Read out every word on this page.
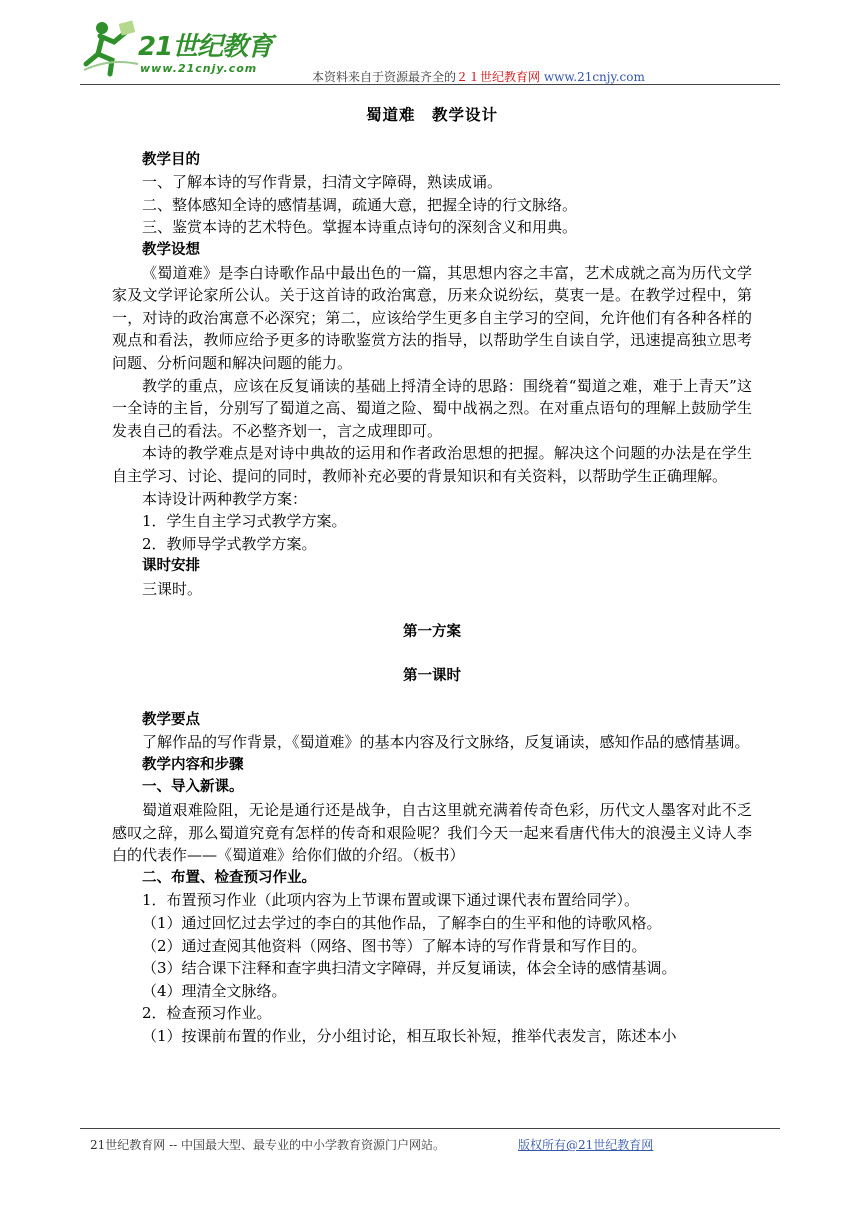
21世纪教育
www.21cnjy.com
本资料来自于资源最齐全的２１世纪教育网 www.21cnjy.com
蜀道难　教学设计
教学目的
一、了解本诗的写作背景，扫清文字障碍，熟读成诵。
二、整体感知全诗的感情基调，疏通大意，把握全诗的行文脉络。
三、鉴赏本诗的艺术特色。掌握本诗重点诗句的深刻含义和用典。
教学设想
《蜀道难》是李白诗歌作品中最出色的一篇，其思想内容之丰富，艺术成就之高为历代文学家及文学评论家所公认。关于这首诗的政治寓意，历来众说纷纭，莫衷一是。在教学过程中，第一，对诗的政治寓意不必深究；第二，应该给学生更多自主学习的空间，允许他们有各种各样的观点和看法，教师应给予更多的诗歌鉴赏方法的指导，以帮助学生自读自学，迅速提高独立思考问题、分析问题和解决问题的能力。
教学的重点，应该在反复诵读的基础上捋清全诗的思路：围绕着“蜀道之难，难于上青天”这一全诗的主旨，分别写了蜀道之高、蜀道之险、蜀中战祸之烈。在对重点语句的理解上鼓励学生发表自己的看法。不必整齐划一，言之成理即可。
本诗的教学难点是对诗中典故的运用和作者政治思想的把握。解决这个问题的办法是在学生自主学习、讨论、提问的同时，教师补充必要的背景知识和有关资料，以帮助学生正确理解。
本诗设计两种教学方案：
1．学生自主学习式教学方案。
2．教师导学式教学方案。
课时安排
三课时。
第一方案
第一课时
教学要点
了解作品的写作背景，《蜀道难》的基本内容及行文脉络，反复诵读，感知作品的感情基调。
教学内容和步骤
一、导入新课。
蜀道艰难险阻，无论是通行还是战争，自古这里就充满着传奇色彩，历代文人墨客对此不乏感叹之辞，那么蜀道究竟有怎样的传奇和艰险呢？我们今天一起来看唐代伟大的浪漫主义诗人李白的代表作——《蜀道难》给你们做的介绍。（板书）
二、布置、检查预习作业。
1．布置预习作业（此项内容为上节课布置或课下通过课代表布置给同学）。
（1）通过回忆过去学过的李白的其他作品，了解李白的生平和他的诗歌风格。
（2）通过查阅其他资料（网络、图书等）了解本诗的写作背景和写作目的。
（3）结合课下注释和查字典扫清文字障碍，并反复诵读，体会全诗的感情基调。
（4）理清全文脉络。
2．检查预习作业。
（1）按课前布置的作业，分小组讨论，相互取长补短，推举代表发言，陈述本小
21世纪教育网 -- 中国最大型、最专业的中小学教育资源门户网站。	版权所有@21世纪教育网
